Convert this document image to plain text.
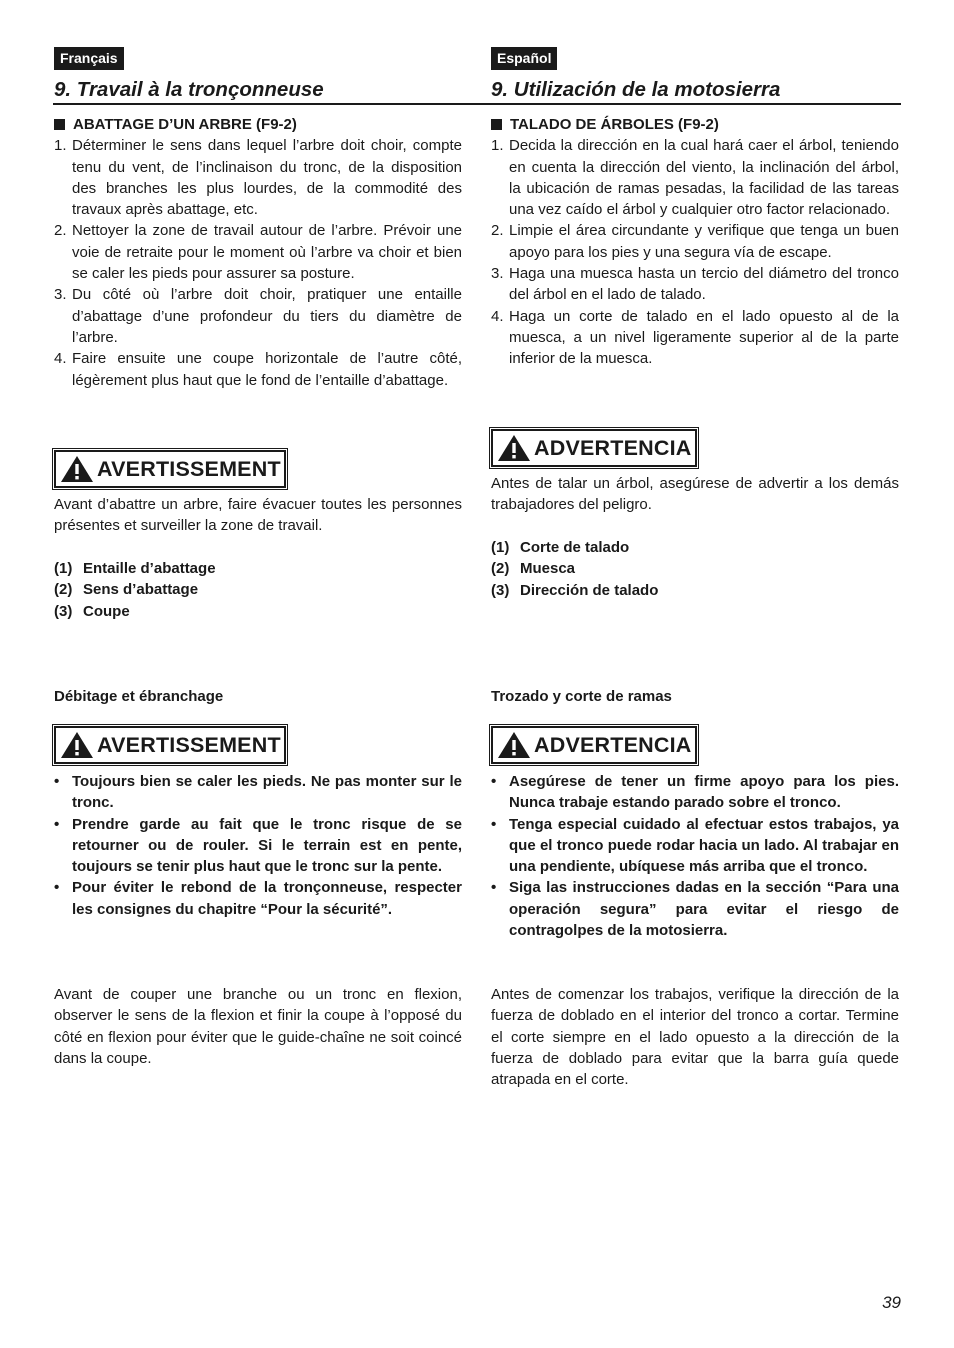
Français
9. Travail à la tronçonneuse
Español
9. Utilización de la motosierra
ABATTAGE D’UN ARBRE (F9-2)
1. Déterminer le sens dans lequel l’arbre doit choir, compte tenu du vent, de l’inclinaison du tronc, de la disposition des branches les plus lourdes, de la commodité des travaux après abattage, etc.
2. Nettoyer la zone de travail autour de l’arbre. Prévoir une voie de retraite pour le moment où l’arbre va choir et bien se caler les pieds pour assurer sa posture.
3. Du côté où l’arbre doit choir, pratiquer une entaille d’abattage d’une profondeur du tiers du diamètre de l’arbre.
4. Faire ensuite une coupe horizontale de l’autre côté, légèrement plus haut que le fond de l’entaille d’abattage.
TALADO DE ÁRBOLES (F9-2)
1. Decida la dirección en la cual hará caer el árbol, teniendo en cuenta la dirección del viento, la inclinación del árbol, la ubicación de ramas pesadas, la facilidad de las tareas una vez caído el árbol y cualquier otro factor relacionado.
2. Limpie el área circundante y verifique que tenga un buen apoyo para los pies y una segura vía de escape.
3. Haga una muesca hasta un tercio del diámetro del tronco del árbol en el lado de talado.
4. Haga un corte de talado en el lado opuesto al de la muesca, a un nivel ligeramente superior al de la parte inferior de la muesca.
AVERTISSEMENT
Avant d’abattre un arbre, faire évacuer toutes les personnes présentes et surveiller la zone de travail.
ADVERTENCIA
Antes de talar un árbol, asegúrese de advertir a los demás trabajadores del peligro.
(1) Entaille d’abattage
(2) Sens d’abattage
(3) Coupe
(1) Corte de talado
(2) Muesca
(3) Dirección de talado
Débitage et ébranchage	Trozado y corte de ramas
AVERTISSEMENT	ADVERTENCIA
• Toujours bien se caler les pieds. Ne pas monter sur le tronc.
• Prendre garde au fait que le tronc risque de se retourner ou de rouler. Si le terrain est en pente, toujours se tenir plus haut que le tronc sur la pente.
• Pour éviter le rebond de la tronçonneuse, respecter les consignes du chapitre “Pour la sécurité”.
• Asegúrese de tener un firme apoyo para los pies. Nunca trabaje estando parado sobre el tronco.
• Tenga especial cuidado al efectuar estos trabajos, ya que el tronco puede rodar hacia un lado. Al trabajar en una pendiente, ubíquese más arriba que el tronco.
• Siga las instrucciones dadas en la sección “Para una operación segura” para evitar el riesgo de contragolpes de la motosierra.
Avant de couper une branche ou un tronc en flexion, observer le sens de la flexion et finir la coupe à l’opposé du côté en flexion pour éviter que le guide-chaîne ne soit coincé dans la coupe.
Antes de comenzar los trabajos, verifique la dirección de la fuerza de doblado en el interior del tronco a cortar. Termine el corte siempre en el lado opuesto a la dirección de la fuerza de doblado para evitar que la barra guía quede atrapada en el corte.
39
